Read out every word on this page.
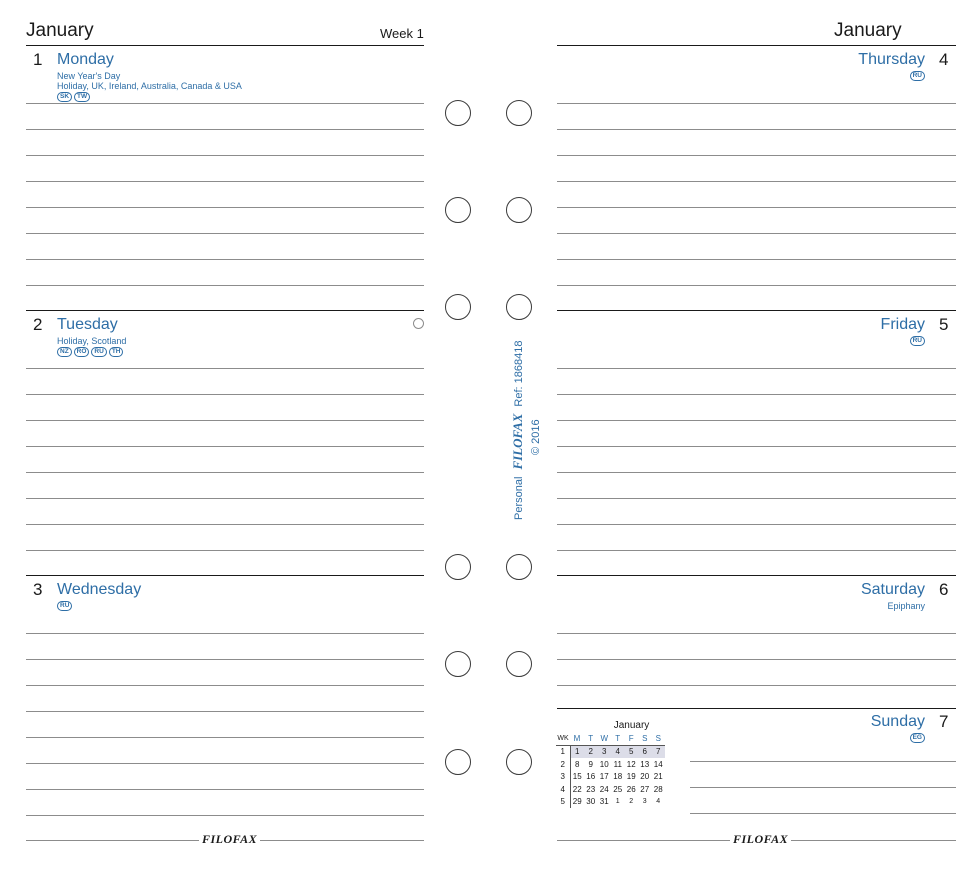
January	Week 1	January
1 Monday
New Year's Day
Holiday, UK, Ireland, Australia, Canada & USA
SK	TW
2 Tuesday
Holiday, Scotland
NZ	RO	RU	TH
3 Wednesday
RU
Thursday 4
RU
Friday 5
RU
Saturday 6
Epiphany
Sunday 7
EG
Personal FILOFAX Ref: 1868418
© 2016
January
WK	M	T	W	T	F	S	S
1	1	2	3	4	5	6	7
2	8	9	10	11	12	13	14
3	15	16	17	18	19	20	21
4	22	23	24	25	26	27	28
5	29	30	31	1	2	3	4
FILOFAX	FILOFAX
